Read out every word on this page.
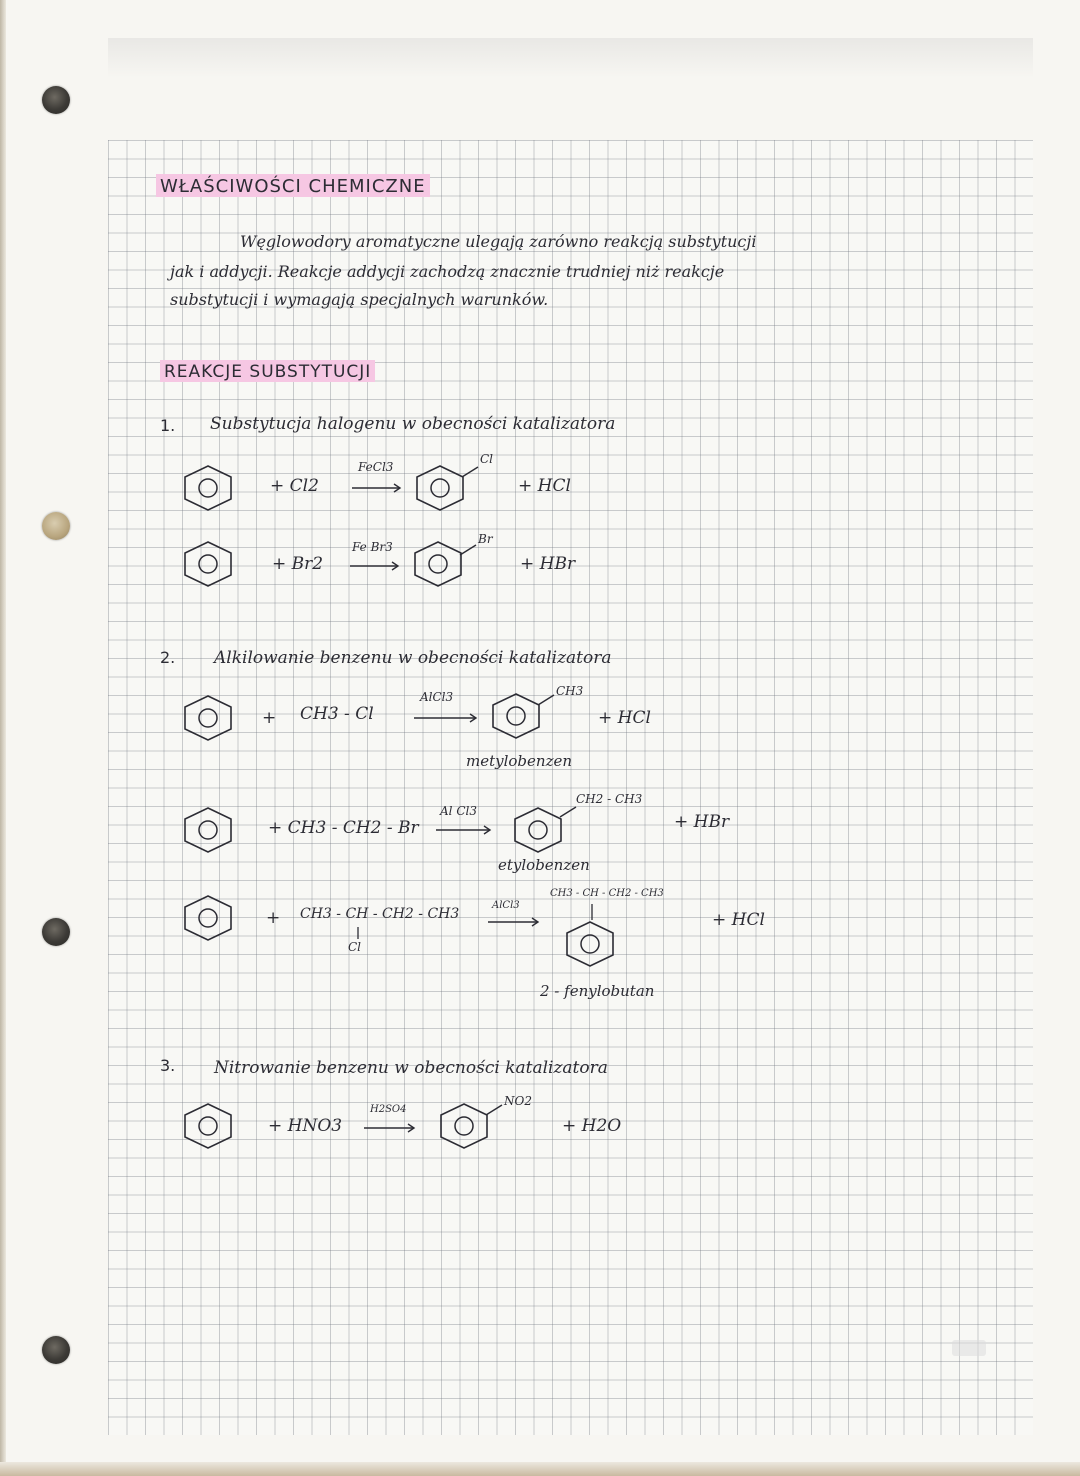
WŁAŚCIWOŚCI CHEMICZNE
Węglowodory aromatyczne ulegają zarówno reakcją substytucji
jak i addycji. Reakcje addycji zachodzą znacznie trudniej niż reakcje
substytucji i wymagają specjalnych warunków.
REAKCJE SUBSTYTUCJI
1. Substytucja halogenu w obecności katalizatora
+ Cl2
FeCl3
Cl
+ HCl
+ Br2
Fe Br3
Br
+ HBr
2. Alkilowanie benzenu w obecności katalizatora
+ CH3 - Cl
AlCl3	CH3
+ HCl
metylobenzen
+ CH3 - CH2 - Br
Al Cl3
CH2 - CH3
+ HBr
etylobenzen
+ CH3 - CH - CH2 - CH3
Cl
AlCl3
CH3 - CH - CH2 - CH3
+ HCl
2 - fenylobutan
3. Nitrowanie benzenu w obecności katalizatora
+ HNO3
H2SO4
NO2
+ H2O
